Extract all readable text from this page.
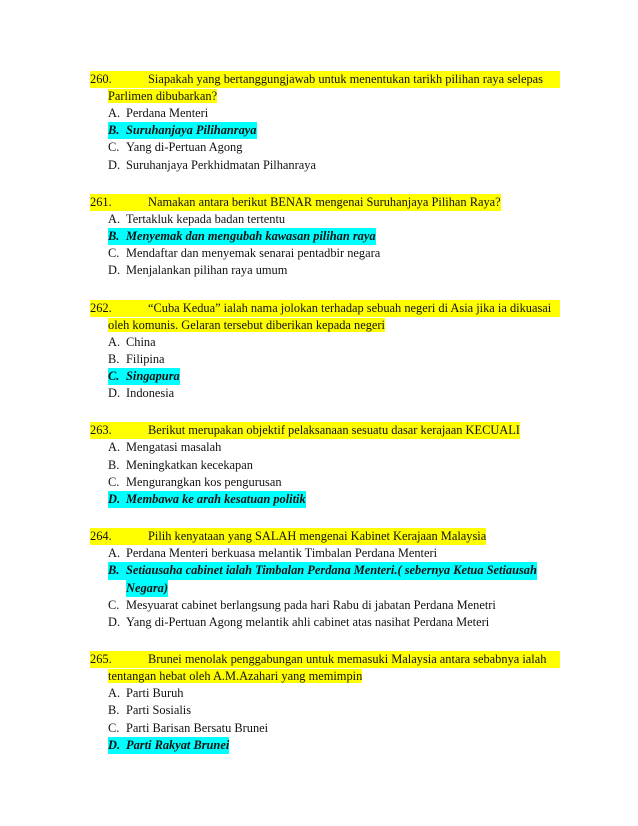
260.	Siapakah yang bertanggungjawab untuk menentukan tarikh pilihan raya selepas
Parlimen dibubarkan?
A. Perdana Menteri
B. Suruhanjaya Pilihanraya
C. Yang di-Pertuan Agong
D. Suruhanjaya Perkhidmatan Pilhanraya
261.	Namakan antara berikut BENAR mengenai Suruhanjaya Pilihan Raya?
A. Tertakluk kepada badan tertentu
B. Menyemak dan mengubah kawasan pilihan raya
C. Mendaftar dan menyemak senarai pentadbir negara
D. Menjalankan pilihan raya umum
262.	“Cuba Kedua” ialah nama jolokan terhadap sebuah negeri di Asia jika ia dikuasai
oleh komunis. Gelaran tersebut diberikan kepada negeri
A. China
B. Filipina
C. Singapura
D. Indonesia
263.	Berikut merupakan objektif pelaksanaan sesuatu dasar kerajaan KECUALI
A. Mengatasi masalah
B. Meningkatkan kecekapan
C. Mengurangkan kos pengurusan
D. Membawa ke arah kesatuan politik
264.	Pilih kenyataan yang SALAH mengenai Kabinet Kerajaan Malaysia
A. Perdana Menteri berkuasa melantik Timbalan Perdana Menteri
B. Setiausaha cabinet ialah Timbalan Perdana Menteri.( sebernya Ketua Setiausah
Negara)
C. Mesyuarat cabinet berlangsung pada hari Rabu di jabatan Perdana Menetri
D. Yang di-Pertuan Agong melantik ahli cabinet atas nasihat Perdana Meteri
265.	Brunei menolak penggabungan untuk memasuki Malaysia antara sebabnya ialah
tentangan hebat oleh A.M.Azahari yang memimpin
A. Parti Buruh
B. Parti Sosialis
C. Parti Barisan Bersatu Brunei
D. Parti Rakyat Brunei
